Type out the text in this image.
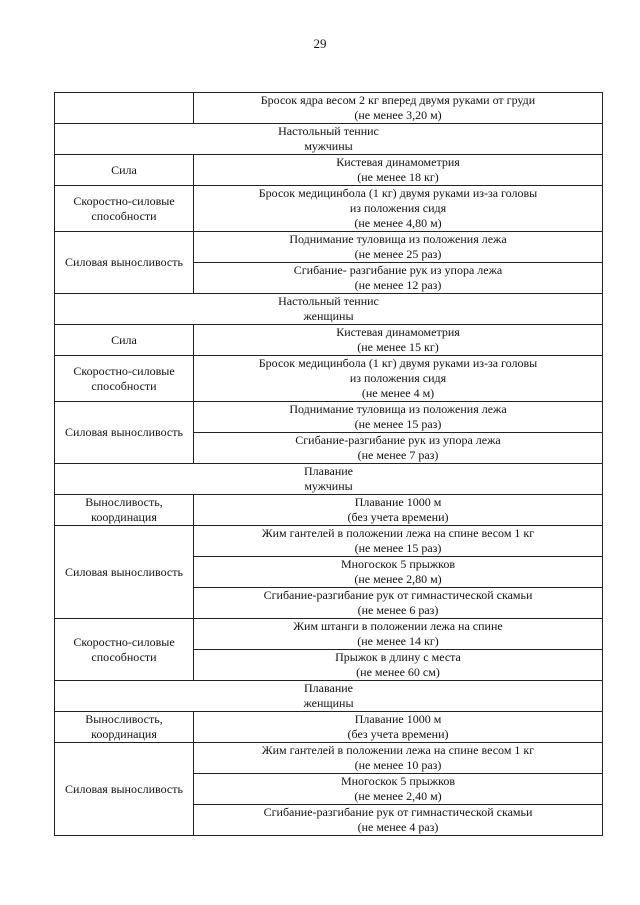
29

	Бросок ядра весом 2 кг вперед двумя руками от груди
(не менее 3,20 м)

Настольный теннис
мужчины	

Сила	Кистевая динамометрия
(не менее 18 кг)

Скоростно-силовые
способности	Бросок медицинбола (1 кг) двумя руками из-за головы
из положения сидя
(не менее 4,80 м)

Силовая выносливость	Поднимание туловища из положения лежа
(не менее 25 раз)

	Сгибание- разгибание рук из упора лежа
(не менее 12 раз)

Настольный теннис
женщины	

Сила	Кистевая динамометрия
(не менее 15 кг)

Скоростно-силовые
способности	Бросок медицинбола (1 кг) двумя руками из-за головы
из положения сидя
(не менее 4 м)

Силовая выносливость	Поднимание туловища из положения лежа
(не менее 15 раз)

	Сгибание-разгибание рук из упора лежа
(не менее 7 раз)

Плавание
мужчины	

Выносливость,
координация	Плавание 1000 м
(без учета времени)

Силовая выносливость	Жим гантелей в положении лежа на спине весом 1 кг
(не менее 15 раз)

	Многоскок 5 прыжков
(не менее 2,80 м)

	Сгибание-разгибание рук от гимнастической скамьи
(не менее 6 раз)

Скоростно-силовые
способности	Жим штанги в положении лежа на спине
(не менее 14 кг)

	Прыжок в длину с места
(не менее 60 см)

Плавание
женщины	

Выносливость,
координация	Плавание 1000 м
(без учета времени)

Силовая выносливость	Жим гантелей в положении лежа на спине весом 1 кг
(не менее 10 раз)

	Многоскок 5 прыжков
(не менее 2,40 м)

	Сгибание-разгибание рук от гимнастической скамьи
(не менее 4 раз)
